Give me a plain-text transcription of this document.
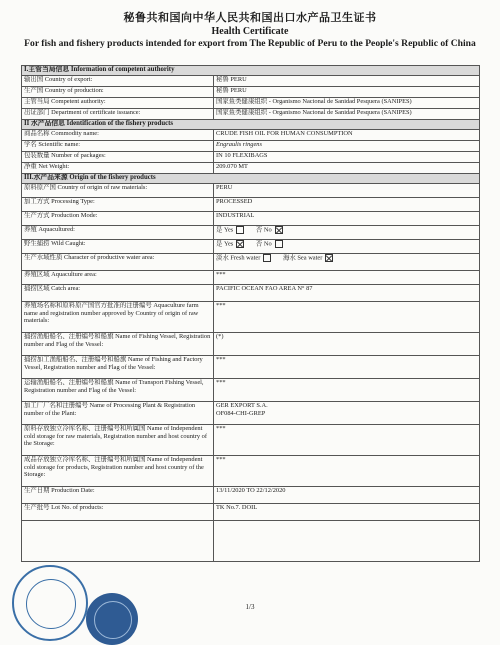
秘鲁共和国向中华人民共和国出口水产品卫生证书
Health Certificate
For fish and fishery products intended for export from The Republic of Peru to the People's Republic of China
I.主管当局信息 Information of competent authority	
输出国 Country of export:	秘鲁 PERU
生产国 Country of production:	秘鲁 PERU
主管当局 Competent authority:	国家鱼类健康组织 - Organismo Nacional de Sanidad Pesquera (SANIPES)
出证部门 Department of certificate issuance:	国家鱼类健康组织 - Organismo Nacional de Sanidad Pesquera (SANIPES)
II 水产品信息 Identification of the fishery products	
商品名称 Commodity name:	CRUDE FISH OIL FOR HUMAN CONSUMPTION
学名 Scientific name:	Engraulis ringens
包装数量 Number of packages:	IN 10 FLEXIBAGS
净重 Net Weight:	209.070 MT
III.水产品来源 Origin of the fishery products	
原料原产国 Country of origin of raw materials:	PERU
加工方式 Processing Type:	PROCESSED
生产方式 Production Mode:	INDUSTRIAL
养殖 Aquacultured:	是 Yes 否 No
野生捕捞 Wild Caught:	是 Yes 否 No
生产水域性质 Character of productive water area:	淡水 Fresh water 海水 Sea water
养殖区域 Aquaculture area:	***
捕捞区域 Catch area:	PACIFIC OCEAN FAO AREA N° 87
养殖场名称和原料原产国官方批准的注册编号 Aquaculture farm name and registration number approved by Country of origin of raw materials:	***
捕捞渔船船名、注册编号和船旗 Name of Fishing Vessel, Registration number and Flag of the Vessel:	(*)
捕捞加工渔船船名、注册编号和船旗 Name of Fishing and Factory Vessel, Registration number and Flag of the Vessel:	***
运输渔船船名、注册编号和船旗 Name of Transport Fishing Vessel, Registration number and Flag of the Vessel:	***
加工厂厂名和注册编号 Name of Processing Plant & Registration number of the Plant:	GER EXPORT S.A.
OF084-CHI-GREP

原料存放独立冷库名称、注册编号和所属国 Name of Independent cold storage for raw materials, Registration number and host country of the Storage:	***
成品存放独立冷库名称、注册编号和所属国 Name of Independent cold storage for products, Registration number and host country of the Storage:	***
生产日期 Production Date:	13/11/2020 TO 22/12/2020
生产批号 Lot No. of products:	TK No.7. DOIL

1/3
